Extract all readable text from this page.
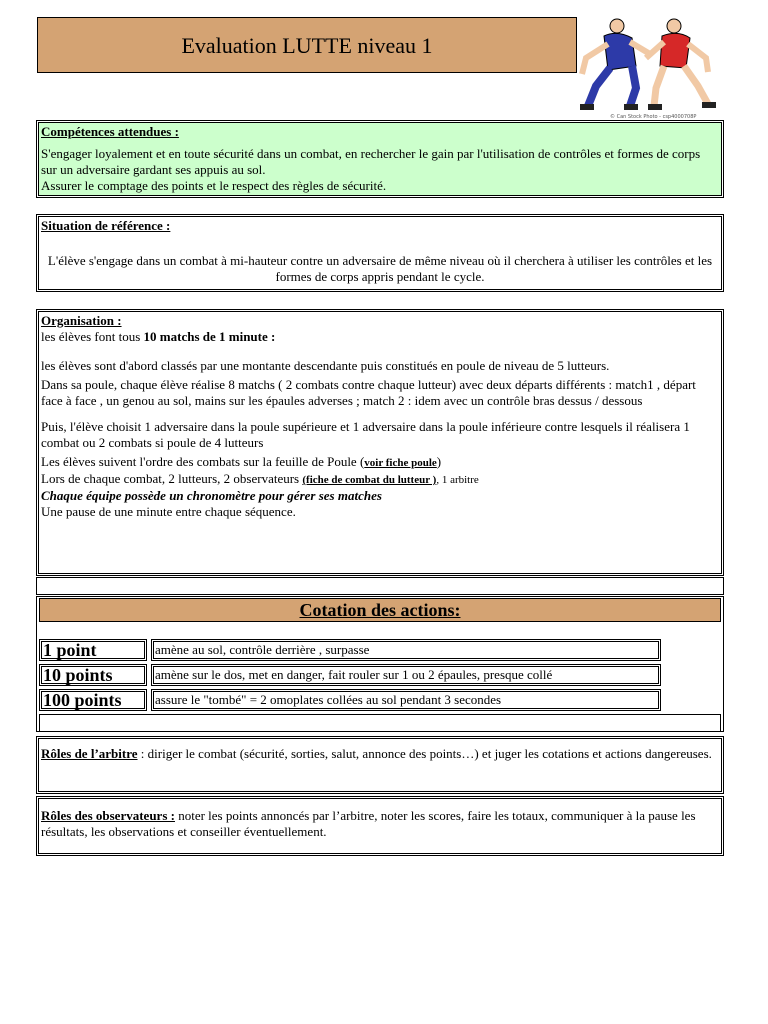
Evaluation LUTTE niveau 1
© Can Stock Photo - csp4000708P
Compétences attendues :

S'engager loyalement et en toute sécurité dans un combat, en rechercher le gain par l'utilisation de contrôles et formes de corps sur un adversaire gardant ses appuis au sol.

Assurer le comptage des points et le respect des règles de sécurité.

Situation de référence :

L'élève s'engage dans un combat à mi-hauteur contre un adversaire de même niveau où il cherchera à utiliser les contrôles et les formes de corps appris pendant le cycle.

Organisation :

les élèves font tous 10 matchs de 1 minute :

les élèves sont d'abord classés par une montante descendante puis constitués en poule de niveau de 5 lutteurs.

Dans sa poule, chaque élève réalise 8 matchs ( 2 combats contre chaque lutteur) avec deux départs différents : match1 , départ face à face , un genou au sol, mains sur les épaules adverses ; match 2 : idem avec un contrôle bras dessus / dessous

Puis, l'élève choisit 1 adversaire dans la poule supérieure et 1 adversaire dans la poule inférieure contre lesquels il réalisera 1 combat ou 2 combats si poule de 4 lutteurs

Les élèves suivent l'ordre des combats sur la feuille de Poule (voir fiche poule)

Lors de chaque combat, 2 lutteurs, 2 observateurs (fiche de combat du lutteur ), 1 arbitre

Chaque équipe possède un chronomètre pour gérer ses matches

Une pause de une minute entre chaque séquence.

Cotation des actions:
1 point	amène au sol, contrôle derrière , surpasse
10 points	amène sur le dos, met en danger, fait rouler sur 1 ou 2 épaules, presque collé
100 points	assure le "tombé" = 2 omoplates collées au sol pendant 3 secondes

Rôles de l’arbitre : diriger le combat (sécurité, sorties, salut, annonce des points…) et juger les cotations et actions dangereuses.

Rôles des observateurs : noter les points annoncés par l’arbitre, noter les scores, faire les totaux, communiquer à la pause les résultats, les observations et conseiller éventuellement.
